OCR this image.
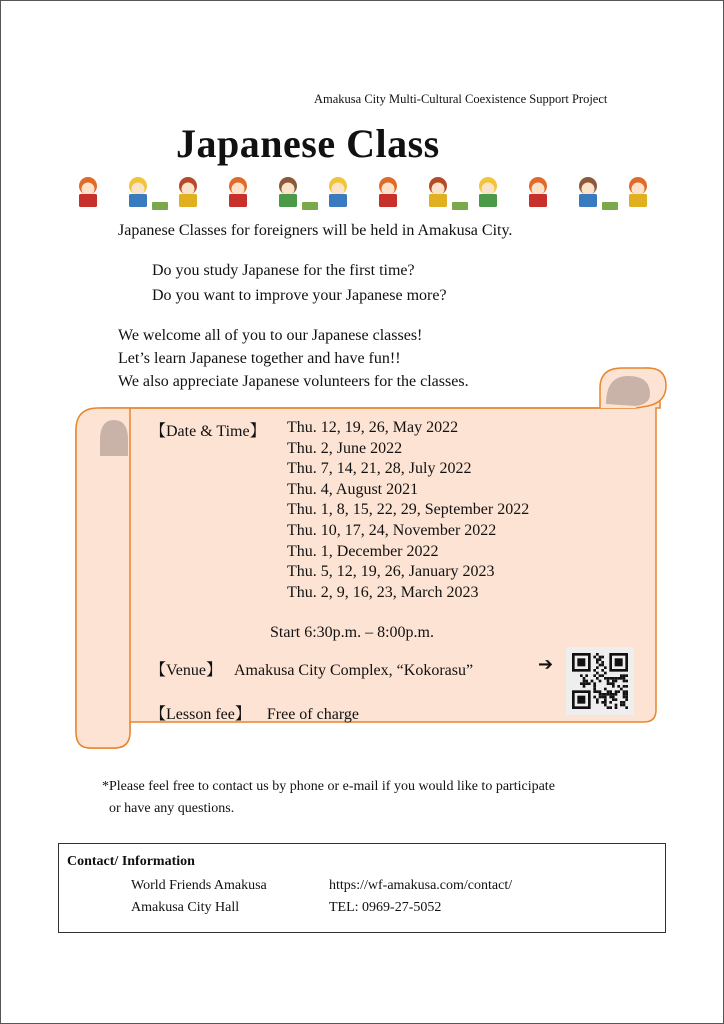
Amakusa City Multi-Cultural Coexistence Support Project
Japanese Class
Japanese Classes for foreigners will be held in Amakusa City.
Do you study Japanese for the first time?
Do you want to improve your Japanese more?
We welcome all of you to our Japanese classes!
Let’s learn Japanese together and have fun!!
We also appreciate Japanese volunteers for the classes.
【Date & Time】 Thu. 12, 19, 26, May 2022
Thu. 2, June 2022
Thu. 7, 14, 21, 28, July 2022
Thu. 4, August 2021
Thu. 1, 8, 15, 22, 29, September 2022
Thu. 10, 17, 24, November 2022
Thu. 1, December 2022
Thu. 5, 12, 19, 26, January 2023
Thu. 2, 9, 16, 23, March 2023
Start 6:30p.m. – 8:00p.m.
【Venue】 Amakusa City Complex, “Kokorasu”	➔
【Lesson fee】 Free of charge
*Please feel free to contact us by phone or e-mail if you would like to participate
or have any questions.
Contact/ Information
World Friends Amakusa	https://wf-amakusa.com/contact/
Amakusa City Hall	TEL: 0969-27-5052
